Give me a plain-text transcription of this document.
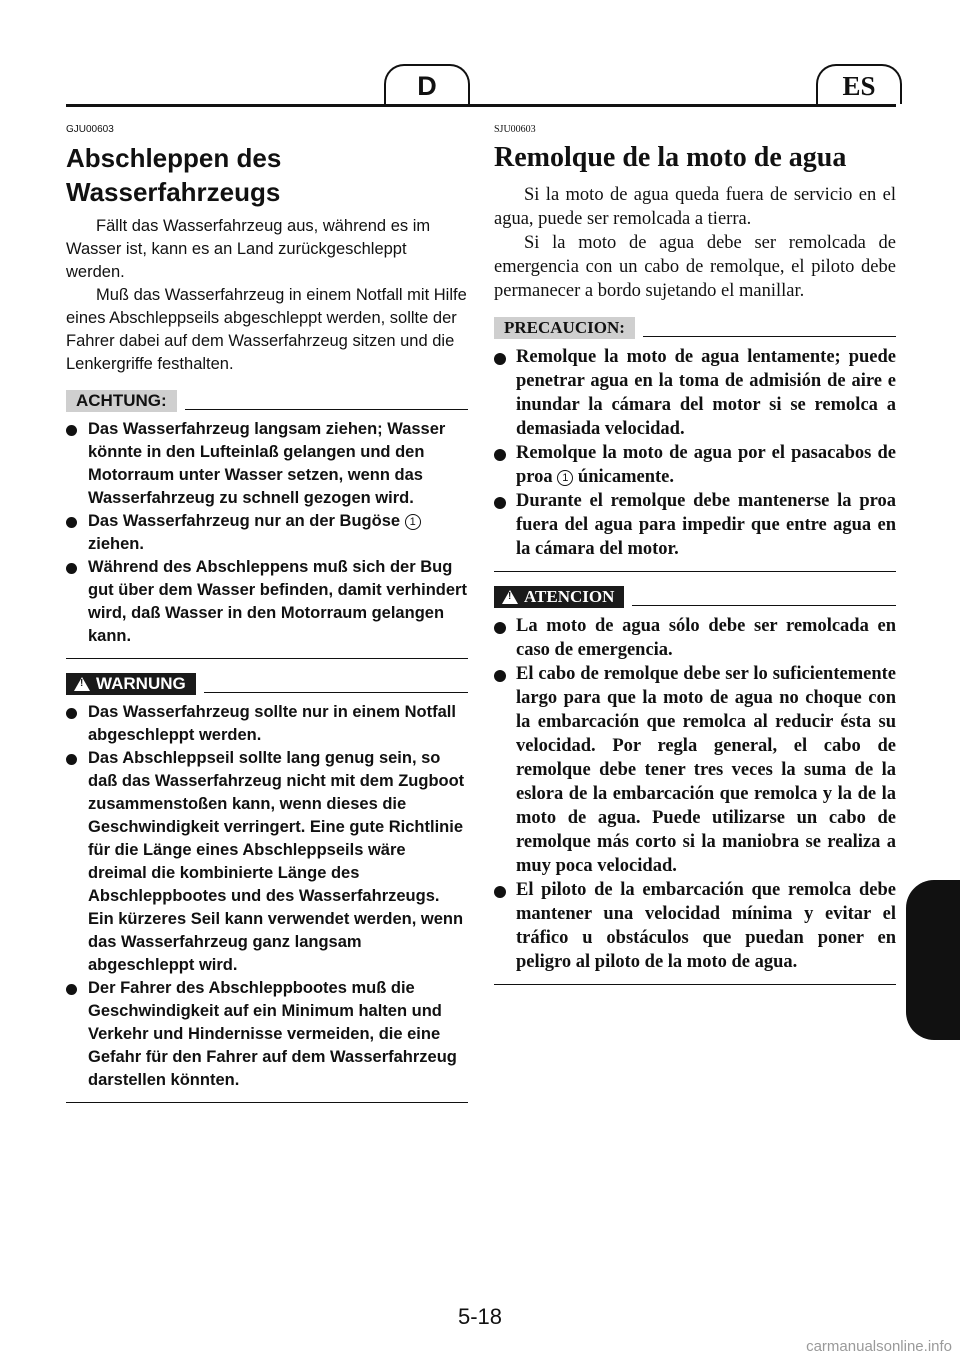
D	ES
GJU00603
Abschleppen des
Wasserfahrzeugs

Fällt das Wasserfahrzeug aus, während es im Wasser ist, kann es an Land zurückgeschleppt werden.

Muß das Wasserfahrzeug in einem Notfall mit Hilfe eines Abschleppseils abgeschleppt werden, sollte der Fahrer dabei auf dem Wasserfahrzeug sitzen und die Lenkergriffe festhalten.

ACHTUNG:
Das Wasserfahrzeug langsam ziehen; Wasser könnte in den Lufteinlaß gelangen und den Motorraum unter Wasser setzen, wenn das Wasserfahrzeug zu schnell gezogen wird.
Das Wasserfahrzeug nur an der Bugöse 1 ziehen.
Während des Abschleppens muß sich der Bug gut über dem Wasser befinden, damit verhindert wird, daß Wasser in den Motorraum gelangen kann.
!
WARNUNG
Das Wasserfahrzeug sollte nur in einem Notfall abgeschleppt werden.
Das Abschleppseil sollte lang genug sein, so daß das Wasserfahrzeug nicht mit dem Zugboot zusammenstoßen kann, wenn dieses die Geschwindigkeit verringert. Eine gute Richtlinie für die Länge eines Abschleppseils wäre dreimal die kombinierte Länge des Abschleppbootes und des Wasserfahrzeugs. Ein kürzeres Seil kann verwendet werden, wenn das Wasserfahrzeug ganz langsam abgeschleppt wird.
Der Fahrer des Abschleppbootes muß die Geschwindigkeit auf ein Minimum halten und Verkehr und Hindernisse vermeiden, die eine Gefahr für den Fahrer auf dem Wasserfahrzeug darstellen könnten.
SJU00603
Remolque de la moto de agua

Si la moto de agua queda fuera de servicio en el agua, puede ser remolcada a tierra.

Si la moto de agua debe ser remolcada de emergencia con un cabo de remolque, el piloto debe permanecer a bordo sujetando el manillar.

PRECAUCION:
Remolque la moto de agua lentamente; puede penetrar agua en la toma de admisión de aire e inundar la cámara del motor si se remolca a demasiada velocidad.
Remolque la moto de agua por el pasacabos de proa 1 únicamente.
Durante el remolque debe mantenerse la proa fuera del agua para impedir que entre agua en la cámara del motor.
!
ATENCION
La moto de agua sólo debe ser remolcada en caso de emergencia.
El cabo de remolque debe ser lo suficientemente largo para que la moto de agua no choque con la embarcación que remolca al reducir ésta su velocidad. Por regla general, el cabo de remolque debe tener tres veces la suma de la eslora de la embarcación que remolca y la de la moto de agua. Puede utilizarse un cabo de remolque más corto si la maniobra se realiza a muy poca velocidad.
El piloto de la embarcación que remolca debe mantener una velocidad mínima y evitar el tráfico u obstáculos que puedan poner en peligro al piloto de la moto de agua.
5-18
carmanualsonline.info
